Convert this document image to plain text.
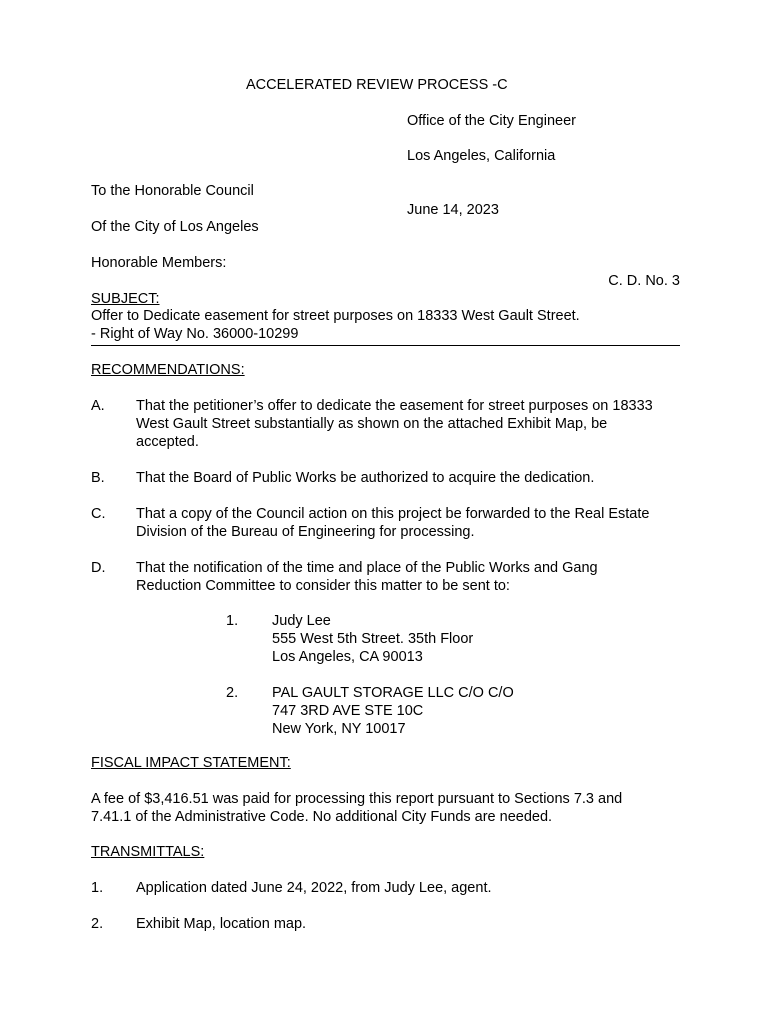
ACCELERATED REVIEW PROCESS -C
Office of the City Engineer
Los Angeles, California
To the Honorable Council
June 14, 2023
Of the City of Los Angeles
Honorable Members:
C. D. No. 3
SUBJECT:
Offer to Dedicate easement for street purposes on 18333 West Gault Street.
- Right of Way No. 36000-10299
RECOMMENDATIONS:
A. That the petitioner’s offer to dedicate the easement for street purposes on 18333
West Gault Street substantially as shown on the attached Exhibit Map, be
accepted.
B. That the Board of Public Works be authorized to acquire the dedication.
C. That a copy of the Council action on this project be forwarded to the Real Estate
Division of the Bureau of Engineering for processing.
D. That the notification of the time and place of the Public Works and Gang
Reduction Committee to consider this matter to be sent to:
1. Judy Lee
555 West 5th Street. 35th Floor
Los Angeles, CA 90013
2. PAL GAULT STORAGE LLC C/O C/O
747 3RD AVE STE 10C
New York, NY 10017
FISCAL IMPACT STATEMENT:
A fee of $3,416.51 was paid for processing this report pursuant to Sections 7.3 and
7.41.1 of the Administrative Code. No additional City Funds are needed.
TRANSMITTALS:
1. Application dated June 24, 2022, from Judy Lee, agent.
2. Exhibit Map, location map.
